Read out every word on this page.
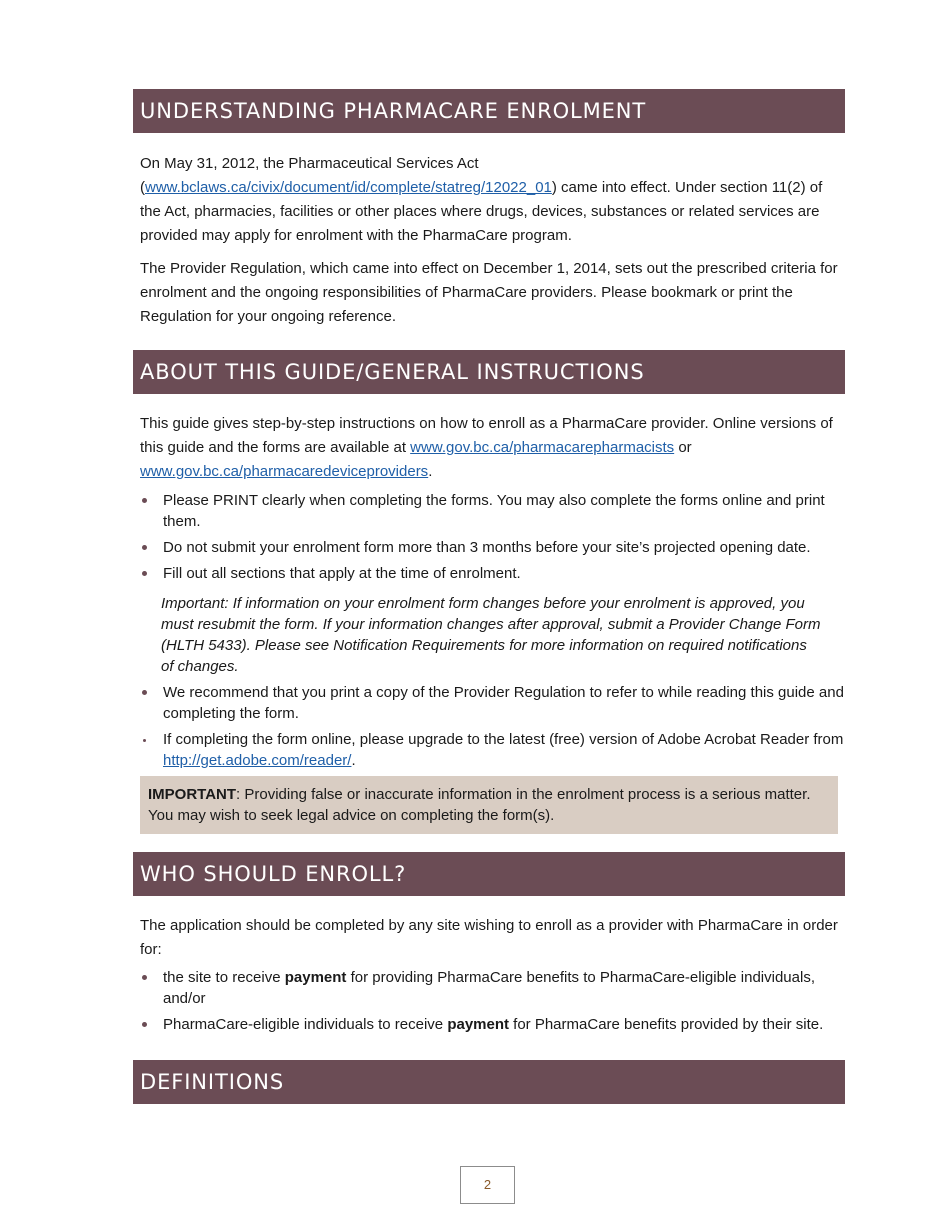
UNDERSTANDING PHARMACARE ENROLMENT

On May 31, 2012, the Pharmaceutical Services Act
(www.bclaws.ca/civix/document/id/complete/statreg/12022_01) came into effect. Under section 11(2) of the Act, pharmacies, facilities or other places where drugs, devices, substances or related services are provided may apply for enrolment with the PharmaCare program.

The Provider Regulation, which came into effect on December 1, 2014, sets out the prescribed criteria for enrolment and the ongoing responsibilities of PharmaCare providers. Please bookmark or print the Regulation for your ongoing reference.

ABOUT THIS GUIDE/GENERAL INSTRUCTIONS

This guide gives step-by-step instructions on how to enroll as a PharmaCare provider. Online versions of this guide and the forms are available at www.gov.bc.ca/pharmacarepharmacists or www.gov.bc.ca/pharmacaredeviceproviders.

Please PRINT clearly when completing the forms. You may also complete the forms online and print them.
Do not submit your enrolment form more than 3 months before your site’s projected opening date.
Fill out all sections that apply at the time of enrolment.

Important: If information on your enrolment form changes before your enrolment is approved, you must resubmit the form. If your information changes after approval, submit a Provider Change Form (HLTH 5433). Please see Notification Requirements for more information on required notifications of changes.

We recommend that you print a copy of the Provider Regulation to refer to while reading this guide and completing the form.
If completing the form online, please upgrade to the latest (free) version of Adobe Acrobat Reader from http://get.adobe.com/reader/.
IMPORTANT: Providing false or inaccurate information in the enrolment process is a serious matter. You may wish to seek legal advice on completing the form(s).
WHO SHOULD ENROLL?

The application should be completed by any site wishing to enroll as a provider with PharmaCare in order for:

the site to receive payment for providing PharmaCare benefits to PharmaCare-eligible individuals, and/or
PharmaCare-eligible individuals to receive payment for PharmaCare benefits provided by their site.
DEFINITIONS
2
